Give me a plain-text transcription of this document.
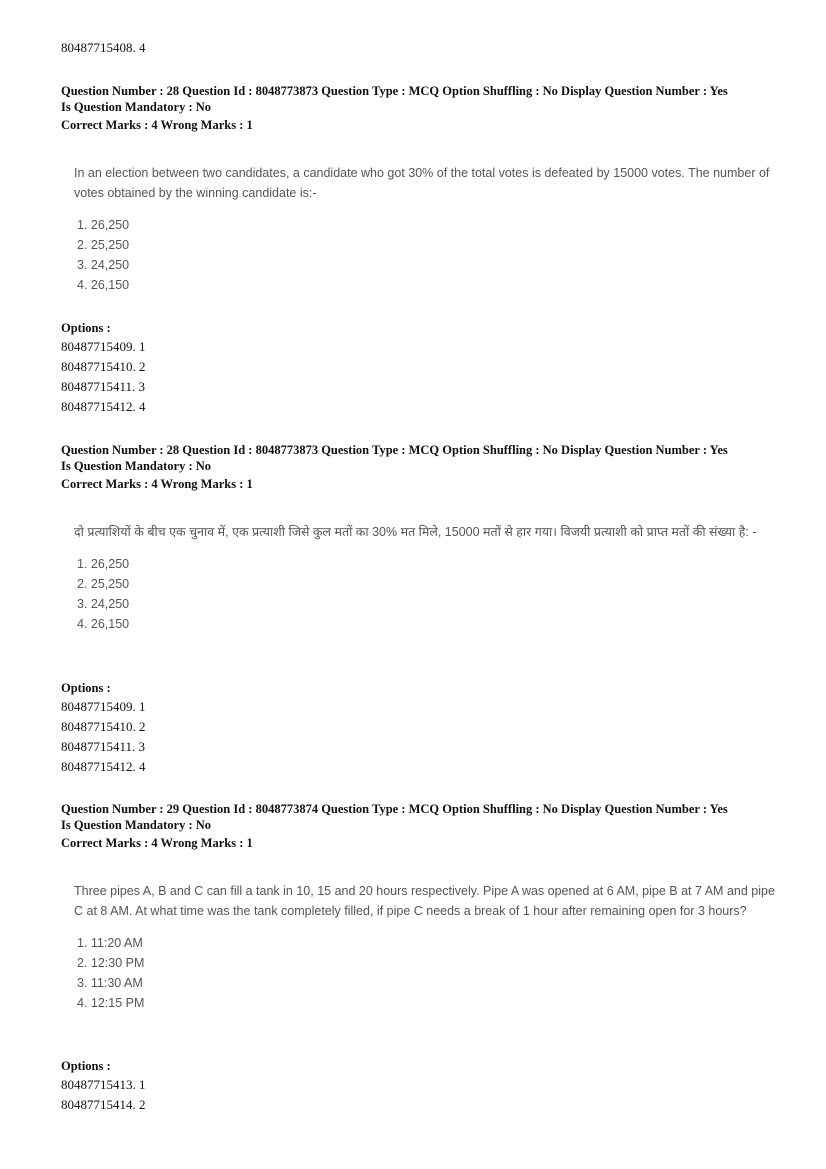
80487715408. 4
Question Number : 28 Question Id : 8048773873 Question Type : MCQ Option Shuffling : No Display Question Number : Yes
Is Question Mandatory : No
Correct Marks : 4 Wrong Marks : 1
In an election between two candidates, a candidate who got 30% of the total votes is defeated by 15000 votes. The number of votes obtained by the winning candidate is:-
1. 26,250
2. 25,250
3. 24,250
4. 26,150
Options :
80487715409. 1
80487715410. 2
80487715411. 3
80487715412. 4
Question Number : 28 Question Id : 8048773873 Question Type : MCQ Option Shuffling : No Display Question Number : Yes
Is Question Mandatory : No
Correct Marks : 4 Wrong Marks : 1
दो प्रत्याशियों के बीच एक चुनाव में, एक प्रत्याशी जिसे कुल मतों का 30% मत मिले, 15000 मतों से हार गया। विजयी प्रत्याशी को प्राप्त मतों की संख्या है: -
1. 26,250
2. 25,250
3. 24,250
4. 26,150
Options :
80487715409. 1
80487715410. 2
80487715411. 3
80487715412. 4
Question Number : 29 Question Id : 8048773874 Question Type : MCQ Option Shuffling : No Display Question Number : Yes
Is Question Mandatory : No
Correct Marks : 4 Wrong Marks : 1
Three pipes A, B and C can fill a tank in 10, 15 and 20 hours respectively. Pipe A was opened at 6 AM, pipe B at 7 AM and pipe C at 8 AM. At what time was the tank completely filled, if pipe C needs a break of 1 hour after remaining open for 3 hours?
1. 11:20 AM
2. 12:30 PM
3. 11:30 AM
4. 12:15 PM
Options :
80487715413. 1
80487715414. 2
